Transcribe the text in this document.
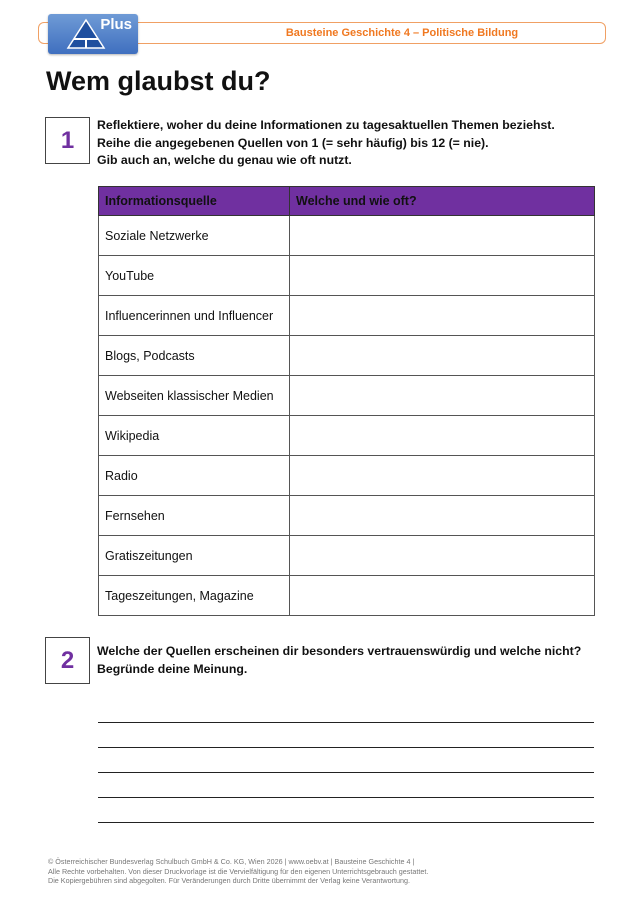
Bausteine Geschichte 4 – Politische Bildung
Plus
Wem glaubst du?
1
Reflektiere, woher du deine Informationen zu tagesaktuellen Themen beziehst.
Reihe die angegebenen Quellen von 1 (= sehr häufig) bis 12 (= nie).
Gib auch an, welche du genau wie oft nutzt.
Informationsquelle	Welche und wie oft?
Soziale Netzwerke	
YouTube	
Influencerinnen und Influencer	
Blogs, Podcasts	
Webseiten klassischer Medien	
Wikipedia	
Radio	
Fernsehen	
Gratiszeitungen	
Tageszeitungen, Magazine	
2	Welche der Quellen erscheinen dir besonders vertrauenswürdig und welche nicht?
Begründe deine Meinung.
© Österreichischer Bundesverlag Schulbuch GmbH & Co. KG, Wien 2026 | www.oebv.at | Bausteine Geschichte 4 |
Alle Rechte vorbehalten. Von dieser Druckvorlage ist die Vervielfältigung für den eigenen Unterrichtsgebrauch gestattet.
Die Kopiergebühren sind abgegolten. Für Veränderungen durch Dritte übernimmt der Verlag keine Verantwortung.
